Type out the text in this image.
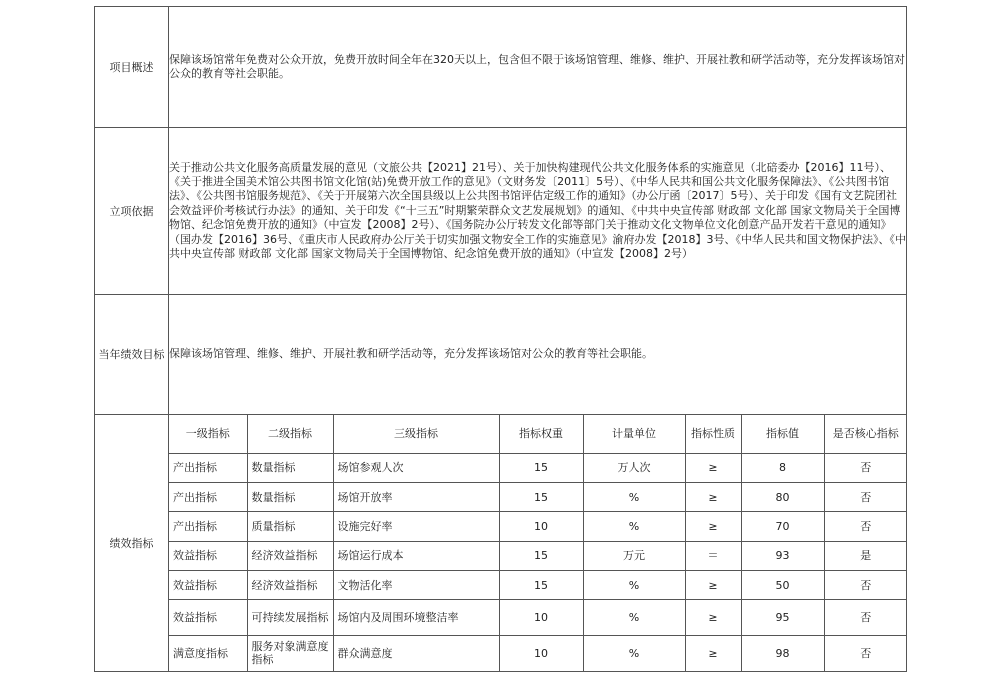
项目概述	保障该场馆常年免费对公众开放，免费开放时间全年在320天以上，包含但不限于该场馆管理、维修、维护、开展社教和研学活动等，充分发挥该场馆对公众的教育等社会职能。
立项依据	关于推动公共文化服务高质量发展的意见（文旅公共【2021】21号）、关于加快构建现代公共文化服务体系的实施意见（北碚委办【2016】11号）、《关于推进全国美术馆公共图书馆文化馆(站)免费开放工作的意见》（文财务发〔2011〕5号）、《中华人民共和国公共文化服务保障法》、《公共图书馆法》、《公共图书馆服务规范》、《关于开展第六次全国县级以上公共图书馆评估定级工作的通知》（办公厅函〔2017〕5号）、关于印发《国有文艺院团社会效益评价考核试行办法》的通知、关于印发《“十三五”时期繁荣群众文艺发展规划》的通知、《中共中央宣传部 财政部 文化部 国家文物局关于全国博物馆、纪念馆免费开放的通知》（中宣发【2008】2号）、《国务院办公厅转发文化部等部门关于推动文化文物单位文化创意产品开发若干意见的通知》（国办发【2016】36号、《重庆市人民政府办公厅关于切实加强文物安全工作的实施意见》渝府办发【2018】3号、《中华人民共和国文物保护法》、《中共中央宣传部 财政部 文化部 国家文物局关于全国博物馆、纪念馆免费开放的通知》（中宣发【2008】2号）
当年绩效目标	保障该场馆管理、维修、维护、开展社教和研学活动等，充分发挥该场馆对公众的教育等社会职能。
绩效指标	
一级指标	二级指标	三级指标	指标权重	计量单位	指标性质	指标值	是否核心指标
产出指标	数量指标	场馆参观人次	15	万人次	≥	8	否
产出指标	数量指标	场馆开放率	15	%	≥	80	否
产出指标	质量指标	设施完好率	10	%	≥	70	否
效益指标	经济效益指标	场馆运行成本	15	万元	＝	93	是
效益指标	经济效益指标	文物活化率	15	%	≥	50	否
效益指标	可持续发展指标	场馆内及周围环境整洁率	10	%	≥	95	否
满意度指标	服务对象满意度指标	群众满意度	10	%	≥	98	否
